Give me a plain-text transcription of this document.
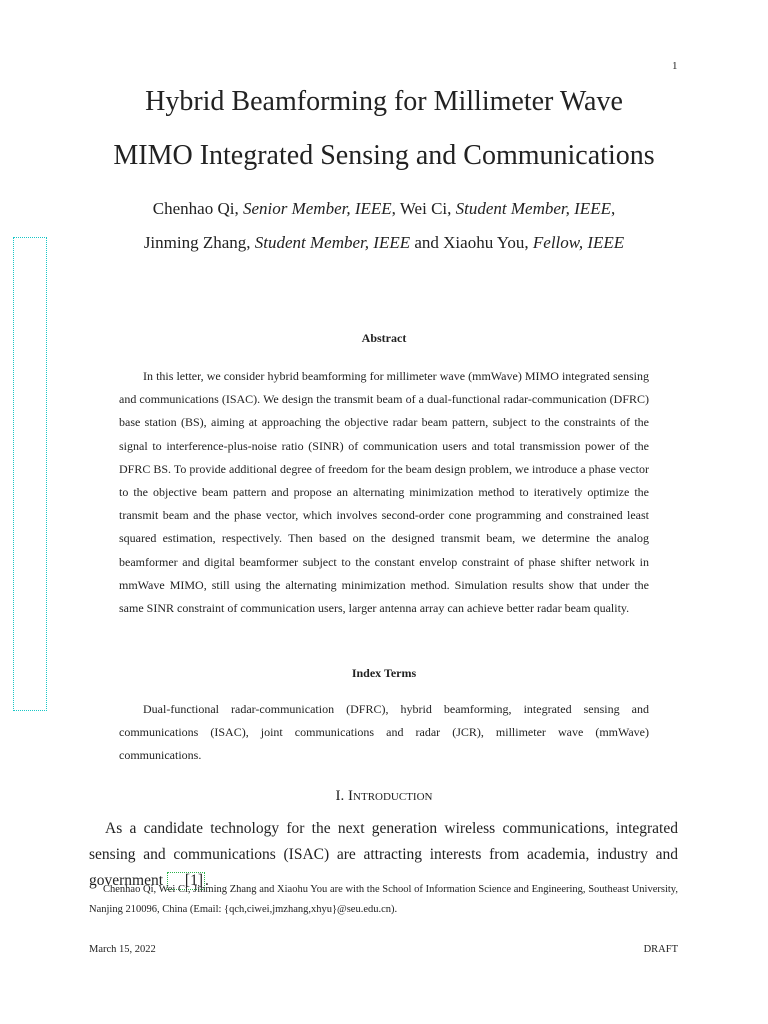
1
Hybrid Beamforming for Millimeter Wave
MIMO Integrated Sensing and Communications
Chenhao Qi, Senior Member, IEEE, Wei Ci, Student Member, IEEE,
Jinming Zhang, Student Member, IEEE and Xiaohu You, Fellow, IEEE
Abstract
In this letter, we consider hybrid beamforming for millimeter wave (mmWave) MIMO integrated sensing and communications (ISAC). We design the transmit beam of a dual-functional radar-communication (DFRC) base station (BS), aiming at approaching the objective radar beam pattern, subject to the constraints of the signal to interference-plus-noise ratio (SINR) of communication users and total transmission power of the DFRC BS. To provide additional degree of freedom for the beam design problem, we introduce a phase vector to the objective beam pattern and propose an alternating minimization method to iteratively optimize the transmit beam and the phase vector, which involves second-order cone programming and constrained least squared estimation, respectively. Then based on the designed transmit beam, we determine the analog beamformer and digital beamformer subject to the constant envelop constraint of phase shifter network in mmWave MIMO, still using the alternating minimization method. Simulation results show that under the same SINR constraint of communication users, larger antenna array can achieve better radar beam quality.
Index Terms
Dual-functional radar-communication (DFRC), hybrid beamforming, integrated sensing and communications (ISAC), joint communications and radar (JCR), millimeter wave (mmWave) communications.
I. Introduction
As a candidate technology for the next generation wireless communications, integrated sensing and communications (ISAC) are attracting interests from academia, industry and government [1] .
Chenhao Qi, Wei Ci, Jinming Zhang and Xiaohu You are with the School of Information Science and Engineering, Southeast University, Nanjing 210096, China (Email: {qch,ciwei,jmzhang,xhyu}@seu.edu.cn).
March 15, 2022	DRAFT
